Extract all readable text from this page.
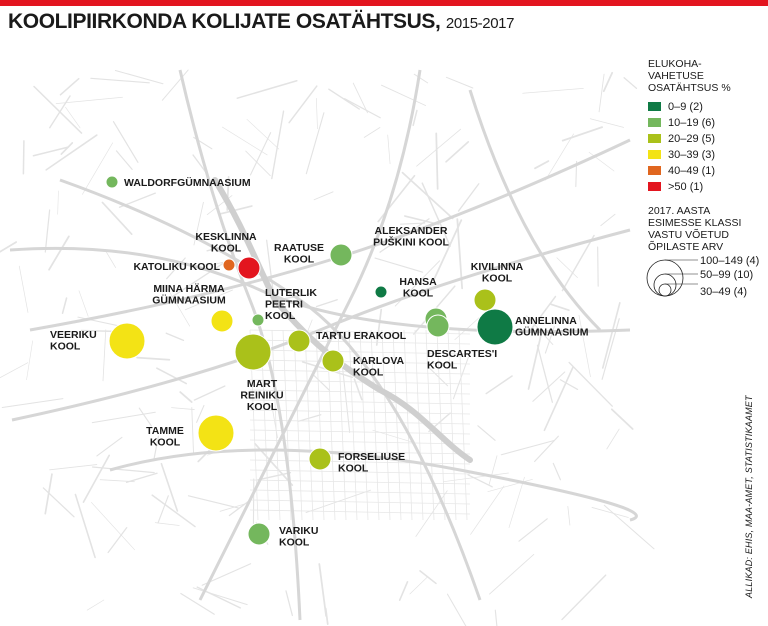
WALDORFGÜMNAASIUM
KESKLINNA KOOL
KATOLIKU KOOL
RAATUSE KOOL
ALEKSANDER PUŠKINI KOOL
KIVILINNA KOOL
HANSA KOOL
ANNELINNA GÜMNAASIUM
DESCARTES'I KOOL
MIINA HÄRMA GÜMNAASIUM
LUTERLIK PEETRI KOOL
VEERIKU KOOL
TARTU ERAKOOL
MART REINIKU KOOL
KARLOVA KOOL
TAMME KOOL
FORSELIUSE KOOL
VARIKU KOOL
KOOLIPIIRKONDA KOLIJATE OSATÄHTSUS, 2015-2017
ELUKOHA-
VAHETUSE
OSATÄHTSUS %
0–9 (2)
10–19 (6)
20–29 (5)
30–39 (3)
40–49 (1)
>50 (1)
2017. AASTA
ESIMESSE KLASSI
VASTU VÕETUD
ÕPILASTE ARV
100–149 (4)
50–99 (10)
30–49 (4)
ALLIKAD: EHIS, MAA-AMET, STATISTIKAAMET
